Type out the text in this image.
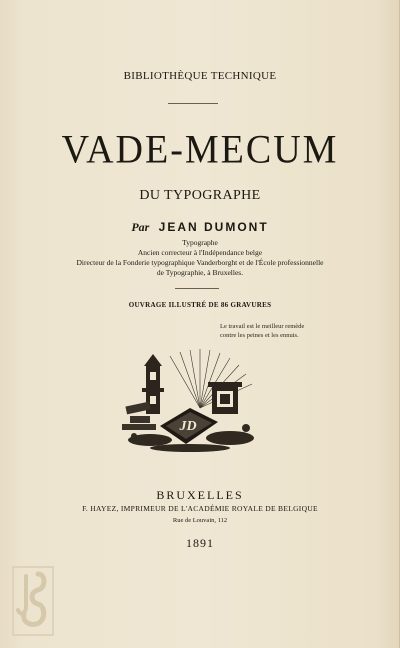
BIBLIOTHÈQUE TECHNIQUE
VADE-MECUM
DU TYPOGRAPHE
Par JEAN DUMONT
Typographe
Ancien correcteur à l'Indépendance belge
Directeur de la Fonderie typographique Vanderborght et de l'École professionnelle
de Typographie, à Bruxelles.
OUVRAGE ILLUSTRÉ DE 86 GRAVURES
Le travail est le meilleur remède
contre les peines et les ennuis.
JD
BRUXELLES
F. HAYEZ, IMPRIMEUR DE L'ACADÉMIE ROYALE DE BELGIQUE
Rue de Louvain, 112
1891
